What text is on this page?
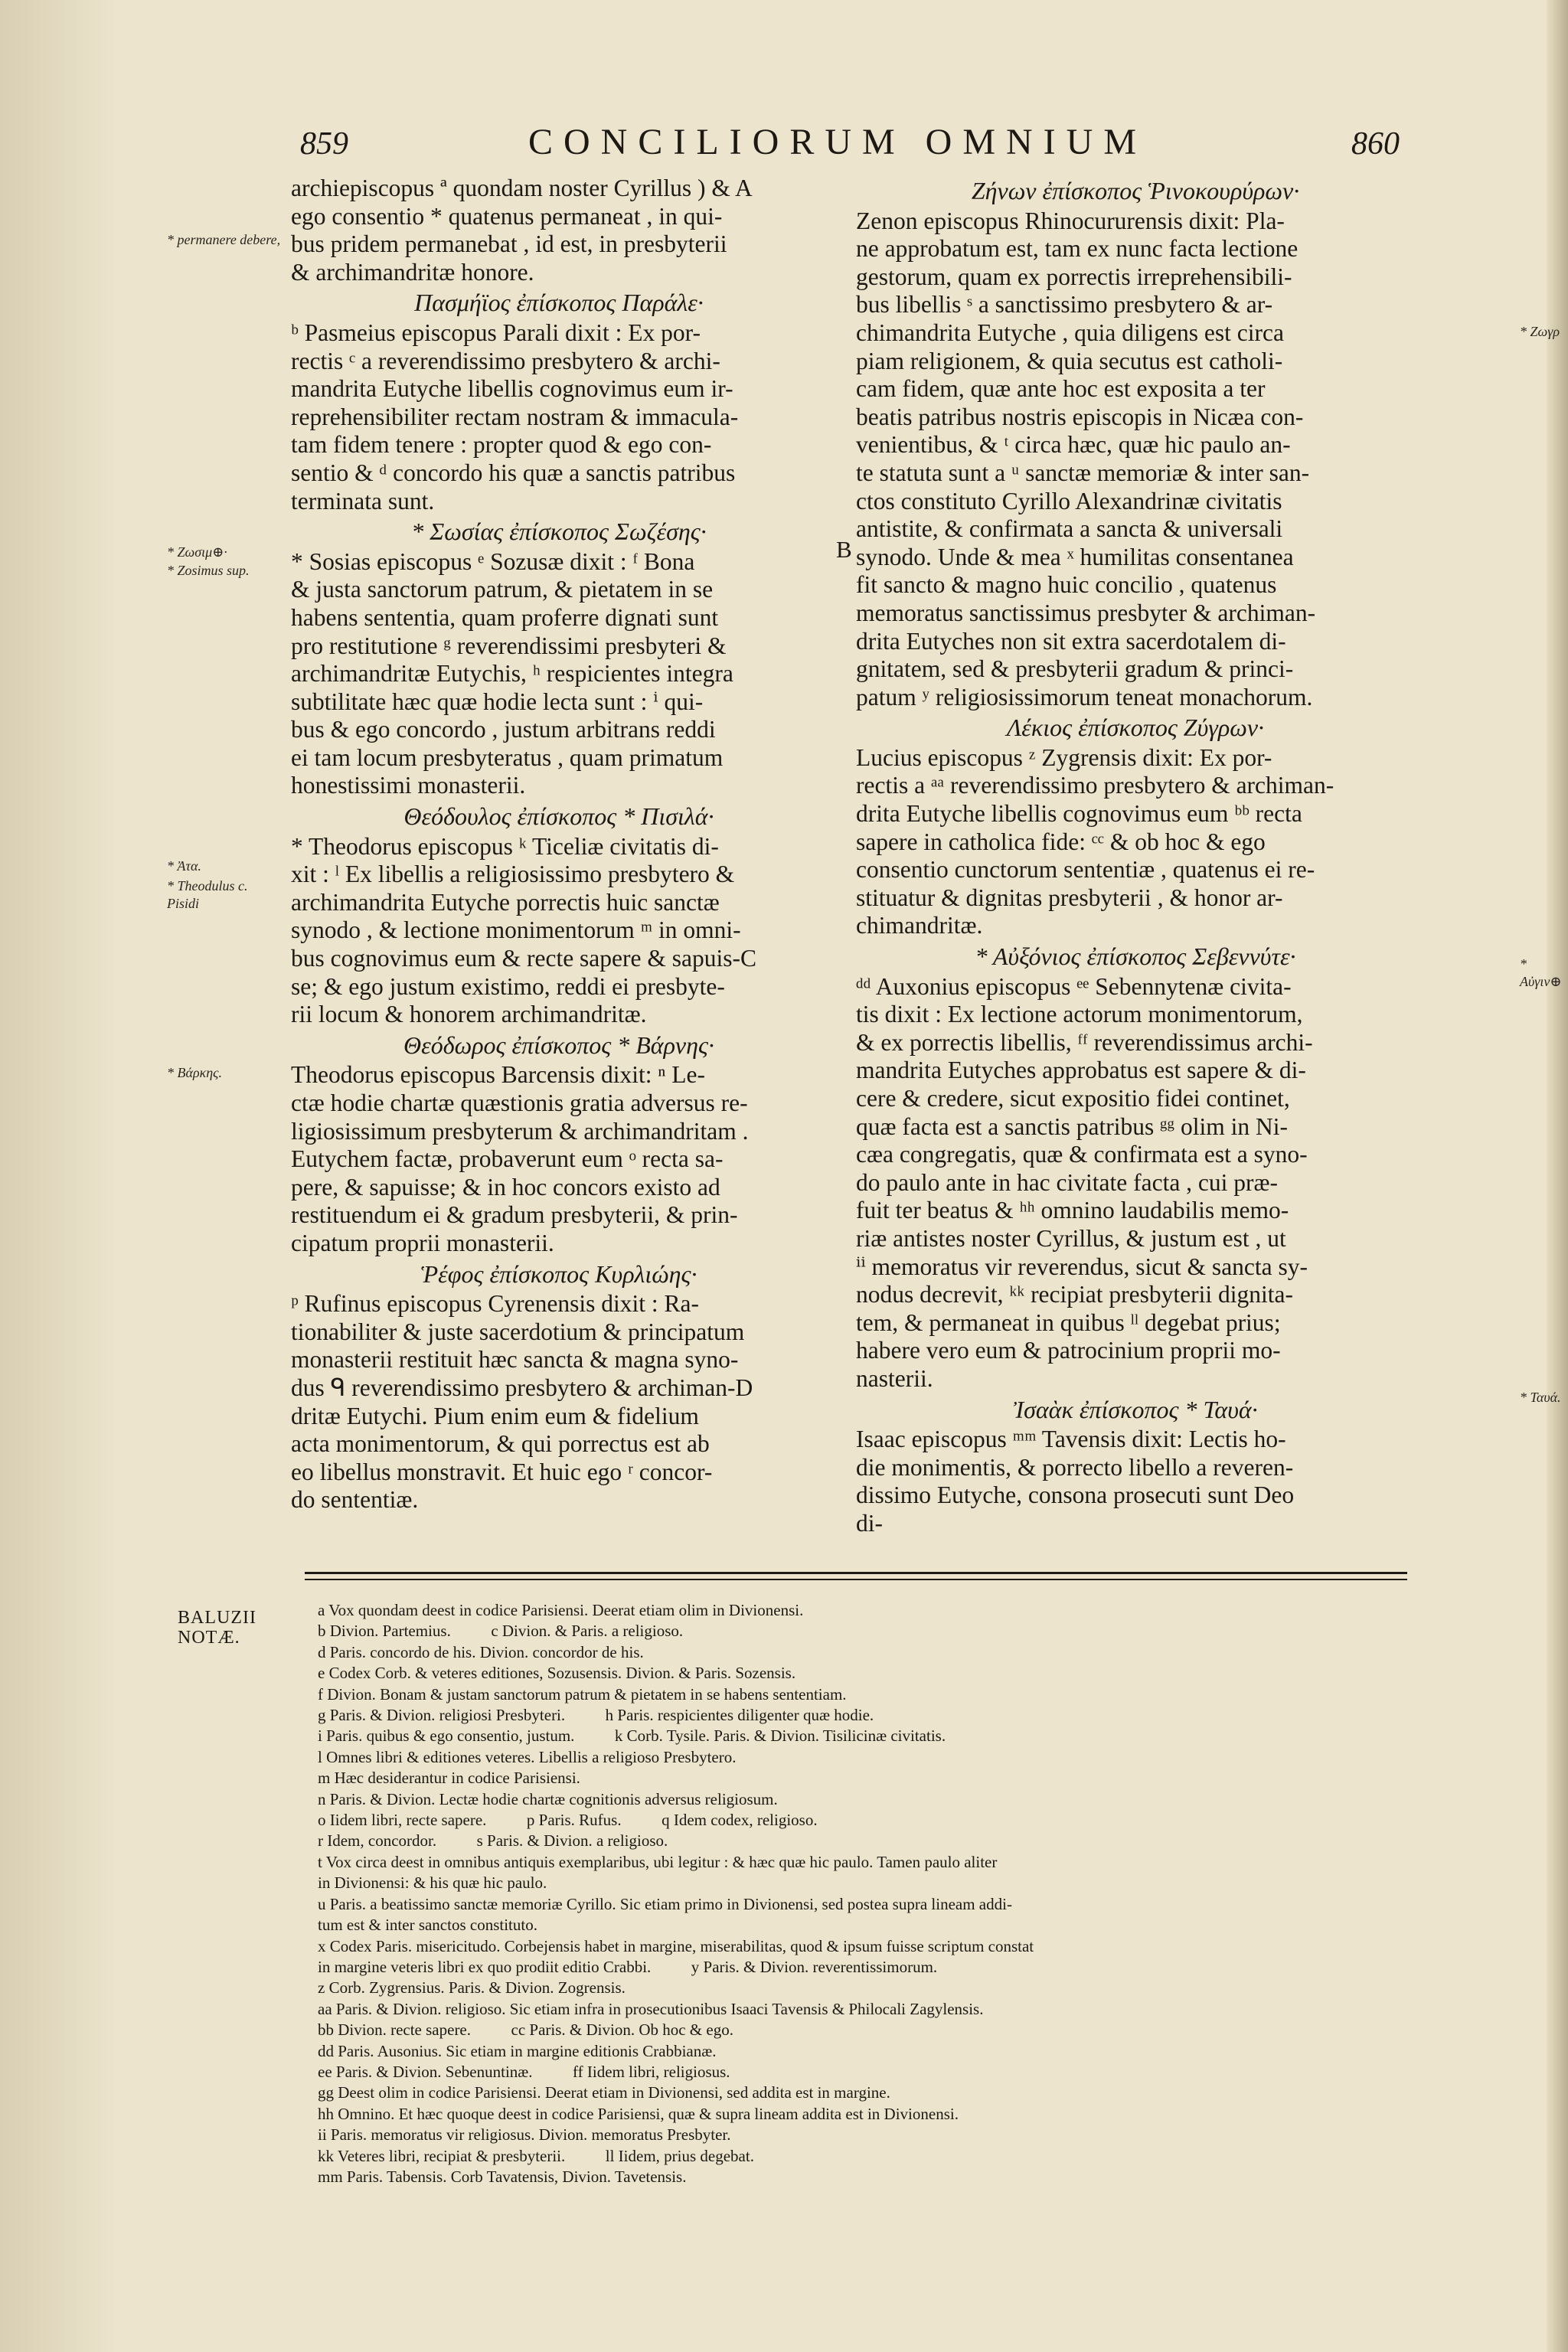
859	CONCILIORUM OMNIUM	860

archiepiscopus ª quondam noster Cyrillus ) & A

ego consentio * quatenus permaneat , in qui-

bus pridem permanebat , id est, in presbyterii

& archimandritæ honore.

Πασμήϊος ἐπίσκοπος Παράλε·

ᵇ Pasmeius episcopus Parali dixit : Ex por-

rectis ᶜ a reverendissimo presbytero & archi-

mandrita Eutyche libellis cognovimus eum ir-

reprehensibiliter rectam nostram & immacula-

tam fidem tenere : propter quod & ego con-

sentio & ᵈ concordo his quæ a sanctis patribus

terminata sunt.

* Σωσίας ἐπίσκοπος Σωζέσης·

* Sosias episcopus ᵉ Sozusæ dixit : ᶠ Bona

& justa sanctorum patrum, & pietatem in se

habens sententia, quam proferre dignati sunt

pro restitutione ᵍ reverendissimi presbyteri &

archimandritæ Eutychis, ʰ respicientes integra

subtilitate hæc quæ hodie lecta sunt : ⁱ qui-

bus & ego concordo , justum arbitrans reddi

ei tam locum presbyteratus , quam primatum

honestissimi monasterii.

Θεόδουλος ἐπίσκοπος * Πισιλά·

* Theodorus episcopus ᵏ Ticeliæ civitatis di-

xit : ˡ Ex libellis a religiosissimo presbytero &

archimandrita Eutyche porrectis huic sanctæ

synodo , & lectione monimentorum ᵐ in omni-

bus cognovimus eum & recte sapere & sapuis-C

se; & ego justum existimo, reddi ei presbyte-

rii locum & honorem archimandritæ.

Θεόδωρος ἐπίσκοπος * Βάρνης·

Theodorus episcopus Barcensis dixit: ⁿ Le-

ctæ hodie chartæ quæstionis gratia adversus re-

ligiosissimum presbyterum & archimandritam .

Eutychem factæ, probaverunt eum ᵒ recta sa-

pere, & sapuisse; & in hoc concors existo ad

restituendum ei & gradum presbyterii, & prin-

cipatum proprii monasterii.

Ῥέφος ἐπίσκοπος Κυρλιώης·

ᵖ Rufinus episcopus Cyrenensis dixit : Ra-

tionabiliter & juste sacerdotium & principatum

monasterii restituit hæc sancta & magna syno-

dus ᑫ reverendissimo presbytero & archiman-D

dritæ Eutychi. Pium enim eum & fidelium

acta monimentorum, & qui porrectus est ab

eo libellus monstravit. Et huic ego ʳ concor-

do sententiæ.

Ζήνων ἐπίσκοπος Ῥινοκουρύρων·

Zenon episcopus Rhinocururensis dixit: Pla-

ne approbatum est, tam ex nunc facta lectione

gestorum, quam ex porrectis irreprehensibili-

bus libellis ˢ a sanctissimo presbytero & ar-

chimandrita Eutyche , quia diligens est circa

piam religionem, & quia secutus est catholi-

cam fidem, quæ ante hoc est exposita a ter

beatis patribus nostris episcopis in Nicæa con-

venientibus, & ᵗ circa hæc, quæ hic paulo an-

te statuta sunt a ᵘ sanctæ memoriæ & inter san-

ctos constituto Cyrillo Alexandrinæ civitatis

antistite, & confirmata a sancta & universali

synodo. Unde & mea ˣ humilitas consentanea

fit sancto & magno huic concilio , quatenus

memoratus sanctissimus presbyter & archiman-

drita Eutyches non sit extra sacerdotalem di-

gnitatem, sed & presbyterii gradum & princi-

patum ʸ religiosissimorum teneat monachorum.

Λέκιος ἐπίσκοπος Ζύγρων·

Lucius episcopus ᶻ Zygrensis dixit: Ex por-

rectis a ᵃᵃ reverendissimo presbytero & archiman-

drita Eutyche libellis cognovimus eum ᵇᵇ recta

sapere in catholica fide: ᶜᶜ & ob hoc & ego

consentio cunctorum sententiæ , quatenus ei re-

stituatur & dignitas presbyterii , & honor ar-

chimandritæ.

* Αὐξόνιος ἐπίσκοπος Σεβεννύτε·

ᵈᵈ Auxonius episcopus ᵉᵉ Sebennytenæ civita-

tis dixit : Ex lectione actorum monimentorum,

& ex porrectis libellis, ᶠᶠ reverendissimus archi-

mandrita Eutyches approbatus est sapere & di-

cere & credere, sicut expositio fidei continet,

quæ facta est a sanctis patribus ᵍᵍ olim in Ni-

cæa congregatis, quæ & confirmata est a syno-

do paulo ante in hac civitate facta , cui præ-

fuit ter beatus & ʰʰ omnino laudabilis memo-

riæ antistes noster Cyrillus, & justum est , ut

ⁱⁱ memoratus vir reverendus, sicut & sancta sy-

nodus decrevit, ᵏᵏ recipiat presbyterii dignita-

tem, & permaneat in quibus ˡˡ degebat prius;

habere vero eum & patrocinium proprii mo-

nasterii.

Ἰσαὰκ ἐπίσκοπος * Ταυά·

Isaac episcopus ᵐᵐ Tavensis dixit: Lectis ho-

die monimentis, & porrecto libello a reveren-

dissimo Eutyche, consona prosecuti sunt Deo

di-

* permanere debere,
* Ζωσιμ⊕·
* Zosimus sup.
* Ἀτα.
* Theodulus c. Pisidi
* Βάρκης.
* Ζωγρ
* Αὐγιν⊕
* Ταυά.
B
BALUZII
NOTÆ.
a Vox quondam deest in codice Parisiensi. Deerat etiam olim in Divionensi.
b Divion. Partemius.          c Divion. & Paris. a religioso.
d Paris. concordo de his. Divion. concordor de his.
e Codex Corb. & veteres editiones, Sozusensis. Divion. & Paris. Sozensis.
f Divion. Bonam & justam sanctorum patrum & pietatem in se habens sententiam.
g Paris. & Divion. religiosi Presbyteri.          h Paris. respicientes diligenter quæ hodie.
i Paris. quibus & ego consentio, justum.          k Corb. Tysile. Paris. & Divion. Tisilicinæ civitatis.
l Omnes libri & editiones veteres. Libellis a religioso Presbytero.
m Hæc desiderantur in codice Parisiensi.
n Paris. & Divion. Lectæ hodie chartæ cognitionis adversus religiosum.
o Iidem libri, recte sapere.          p Paris. Rufus.          q Idem codex, religioso.
r Idem, concordor.          s Paris. & Divion. a religioso.
t Vox circa deest in omnibus antiquis exemplaribus, ubi legitur : & hæc quæ hic paulo. Tamen paulo aliter
in Divionensi: & his quæ hic paulo.
u Paris. a beatissimo sanctæ memoriæ Cyrillo. Sic etiam primo in Divionensi, sed postea supra lineam addi-
tum est & inter sanctos constituto.
x Codex Paris. misericitudo. Corbejensis habet in margine, miserabilitas, quod & ipsum fuisse scriptum constat
in margine veteris libri ex quo prodiit editio Crabbi.          y Paris. & Divion. reverentissimorum.
z Corb. Zygrensius. Paris. & Divion. Zogrensis.
aa Paris. & Divion. religioso. Sic etiam infra in prosecutionibus Isaaci Tavensis & Philocali Zagylensis.
bb Divion. recte sapere.          cc Paris. & Divion. Ob hoc & ego.
dd Paris. Ausonius. Sic etiam in margine editionis Crabbianæ.
ee Paris. & Divion. Sebenuntinæ.          ff Iidem libri, religiosus.
gg Deest olim in codice Parisiensi. Deerat etiam in Divionensi, sed addita est in margine.
hh Omnino. Et hæc quoque deest in codice Parisiensi, quæ & supra lineam addita est in Divionensi.
ii Paris. memoratus vir religiosus. Divion. memoratus Presbyter.
kk Veteres libri, recipiat & presbyterii.          ll Iidem, prius degebat.
mm Paris. Tabensis. Corb Tavatensis, Divion. Tavetensis.
